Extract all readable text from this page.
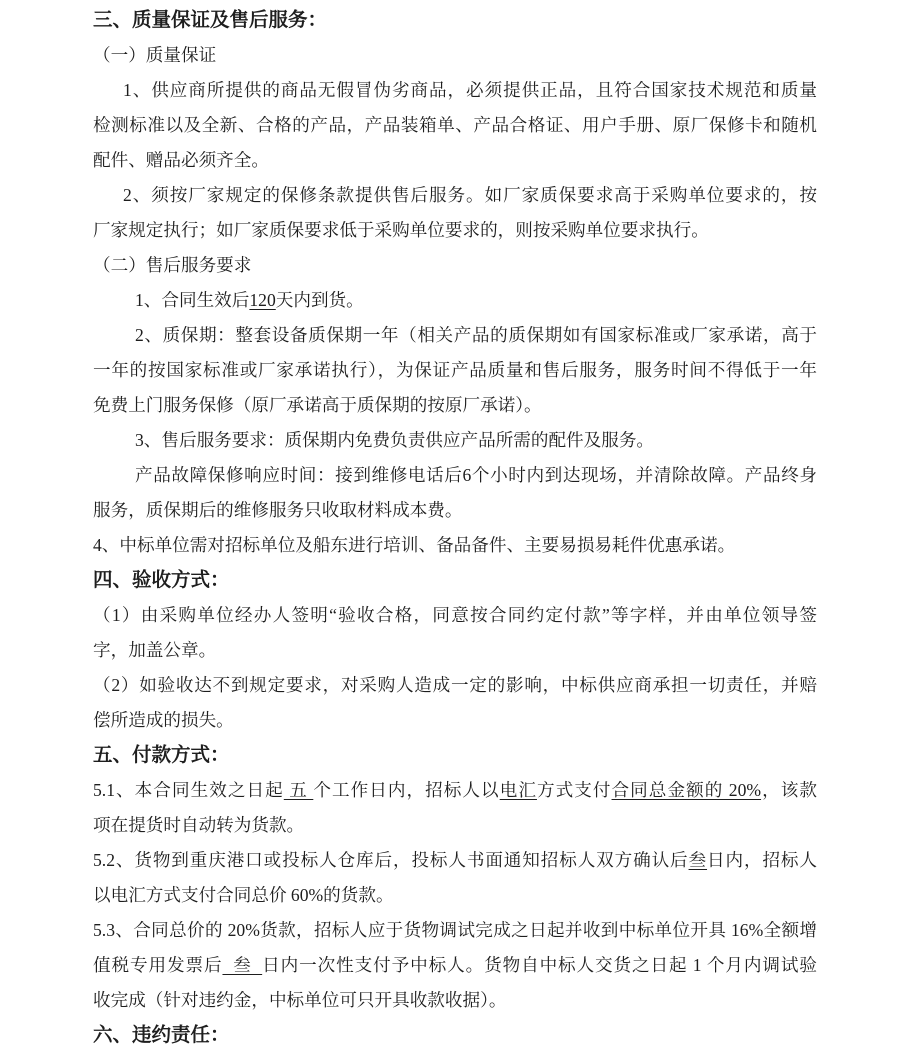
三、质量保证及售后服务：
（一）质量保证
1、供应商所提供的商品无假冒伪劣商品，必须提供正品，且符合国家技术规范和质量
检测标准以及全新、合格的产品，产品装箱单、产品合格证、用户手册、原厂保修卡和随机
配件、赠品必须齐全。
2、须按厂家规定的保修条款提供售后服务。如厂家质保要求高于采购单位要求的，按
厂家规定执行；如厂家质保要求低于采购单位要求的，则按采购单位要求执行。
（二）售后服务要求
1、合同生效后120天内到货。
2、质保期：整套设备质保期一年（相关产品的质保期如有国家标准或厂家承诺，高于
一年的按国家标准或厂家承诺执行），为保证产品质量和售后服务，服务时间不得低于一年
免费上门服务保修（原厂承诺高于质保期的按原厂承诺）。
3、售后服务要求：质保期内免费负责供应产品所需的配件及服务。
产品故障保修响应时间：接到维修电话后6个小时内到达现场，并清除故障。产品终身
服务，质保期后的维修服务只收取材料成本费。
4、中标单位需对招标单位及船东进行培训、备品备件、主要易损易耗件优惠承诺。
四、验收方式：
（1）由采购单位经办人签明“验收合格，同意按合同约定付款”等字样，并由单位领导签
字，加盖公章。
（2）如验收达不到规定要求，对采购人造成一定的影响，中标供应商承担一切责任，并赔
偿所造成的损失。
五、付款方式：
5.1、本合同生效之日起 五 个工作日内，招标人以电汇方式支付合同总金额的 20%，该款
项在提货时自动转为货款。
5.2、货物到重庆港口或投标人仓库后，投标人书面通知招标人双方确认后叁日内，招标人
以电汇方式支付合同总价 60%的货款。
5.3、合同总价的 20%货款，招标人应于货物调试完成之日起并收到中标单位开具 16%全额增
值税专用发票后  叁  日内一次性支付予中标人。货物自中标人交货之日起 1 个月内调试验
收完成（针对违约金，中标单位可只开具收款收据）。
六、违约责任：
